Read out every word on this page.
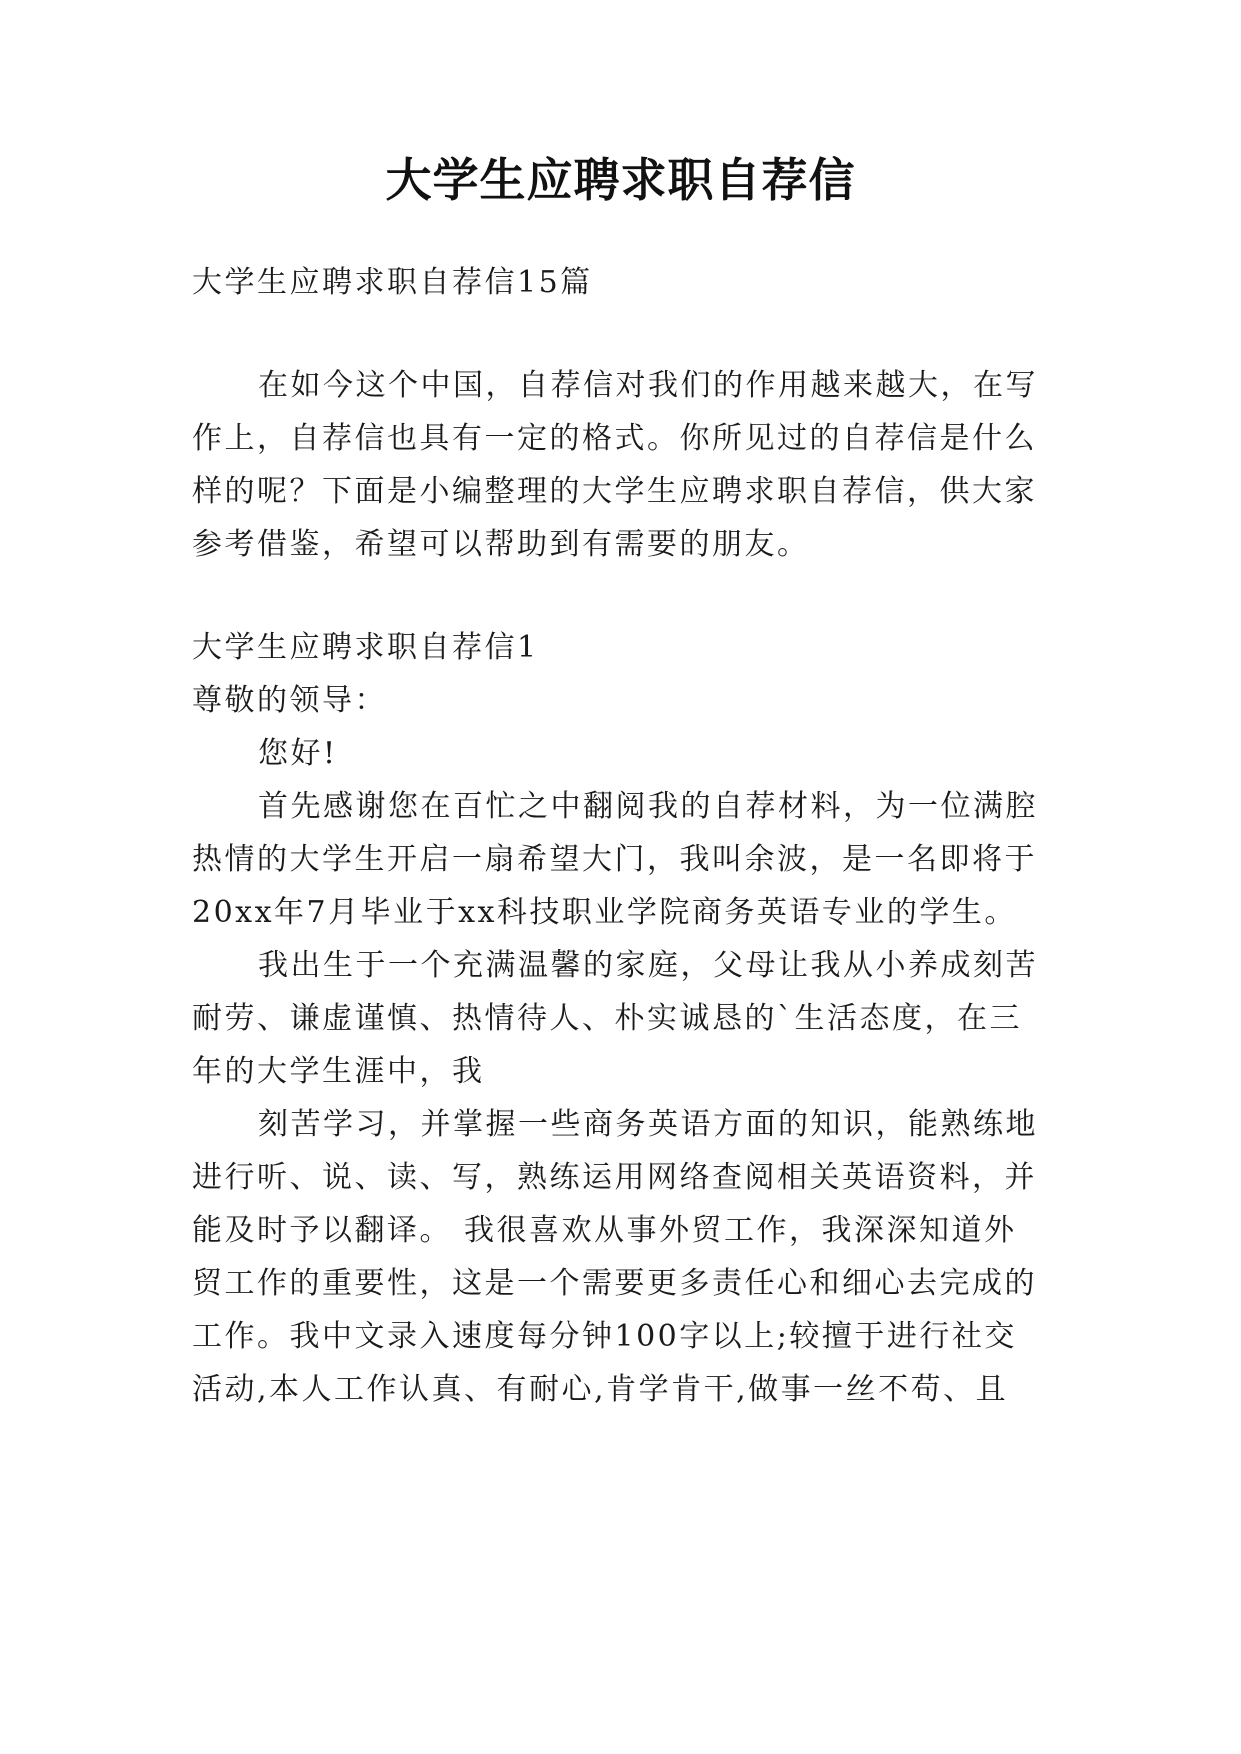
大学生应聘求职自荐信
大学生应聘求职自荐信15篇
在如今这个中国，自荐信对我们的作用越来越大，在写
作上，自荐信也具有一定的格式。你所见过的自荐信是什么
样的呢？下面是小编整理的大学生应聘求职自荐信，供大家
参考借鉴，希望可以帮助到有需要的朋友。
大学生应聘求职自荐信1
尊敬的领导：
您好!
首先感谢您在百忙之中翻阅我的自荐材料，为一位满腔
热情的大学生开启一扇希望大门，我叫余波，是一名即将于
20xx年7月毕业于xx科技职业学院商务英语专业的学生。
我出生于一个充满温馨的家庭，父母让我从小养成刻苦
耐劳、谦虚谨慎、热情待人、朴实诚恳的`生活态度，在三
年的大学生涯中，我
刻苦学习，并掌握一些商务英语方面的知识，能熟练地
进行听、说、读、写，熟练运用网络查阅相关英语资料，并
能及时予以翻译。 我很喜欢从事外贸工作，我深深知道外
贸工作的重要性，这是一个需要更多责任心和细心去完成的
工作。我中文录入速度每分钟100字以上;较擅于进行社交
活动,本人工作认真、有耐心,肯学肯干,做事一丝不苟、且
